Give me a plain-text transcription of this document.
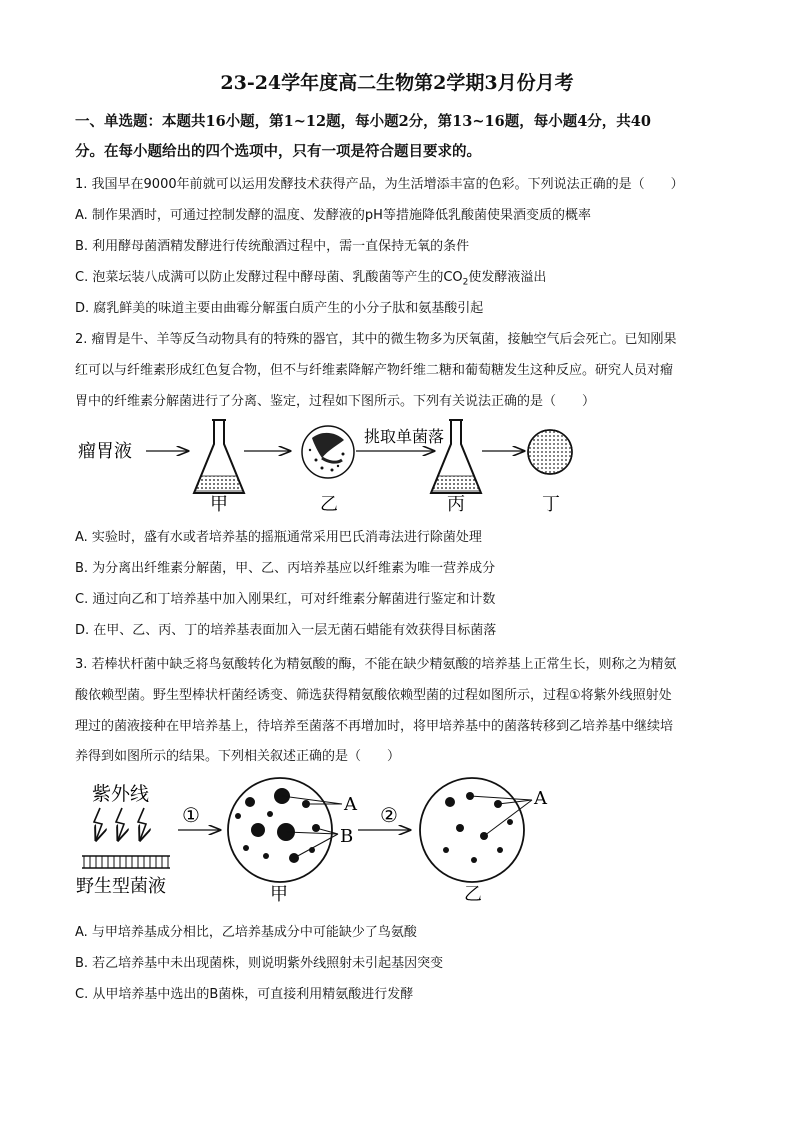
23-24学年度高二生物第2学期3月份月考
一、单选题：本题共16小题，第1~12题，每小题2分，第13~16题，每小题4分，共40
分。在每小题给出的四个选项中，只有一项是符合题目要求的。
1. 我国早在9000年前就可以运用发酵技术获得产品，为生活增添丰富的色彩。下列说法正确的是（　　）
A. 制作果酒时，可通过控制发酵的温度、发酵液的pH等措施降低乳酸菌使果酒变质的概率
B. 利用酵母菌酒精发酵进行传统酿酒过程中，需一直保持无氧的条件
C. 泡菜坛装八成满可以防止发酵过程中酵母菌、乳酸菌等产生的$CO_2$使发酵液溢出
D. 腐乳鲜美的味道主要由曲霉分解蛋白质产生的小分子肽和氨基酸引起
2. 瘤胃是牛、羊等反刍动物具有的特殊的器官，其中的微生物多为厌氧菌，接触空气后会死亡。已知刚果
红可以与纤维素形成红色复合物，但不与纤维素降解产物纤维二糖和葡萄糖发生这种反应。研究人员对瘤
胃中的纤维素分解菌进行了分离、鉴定，过程如下图所示。下列有关说法正确的是（　　）
瘤胃液
甲	乙
挑取单菌落
丙	丁
A. 实验时，盛有水或者培养基的摇瓶通常采用巴氏消毒法进行除菌处理
B. 为分离出纤维素分解菌，甲、乙、丙培养基应以纤维素为唯一营养成分
C. 通过向乙和丁培养基中加入刚果红，可对纤维素分解菌进行鉴定和计数
D. 在甲、乙、丙、丁的培养基表面加入一层无菌石蜡能有效获得目标菌落
3. 若棒状杆菌中缺乏将鸟氨酸转化为精氨酸的酶，不能在缺少精氨酸的培养基上正常生长，则称之为精氨
酸依赖型菌。野生型棒状杆菌经诱变、筛选获得精氨酸依赖型菌的过程如图所示，过程①将紫外线照射处
理过的菌液接种在甲培养基上，待培养至菌落不再增加时，将甲培养基中的菌落转移到乙培养基中继续培
养得到如图所示的结果。下列相关叙述正确的是（　　）
紫外线
野生型菌液
①	A
B
甲
②
A
乙
A. 与甲培养基成分相比，乙培养基成分中可能缺少了鸟氨酸
B. 若乙培养基中未出现菌株，则说明紫外线照射未引起基因突变
C. 从甲培养基中选出的B菌株，可直接利用精氨酸进行发酵
